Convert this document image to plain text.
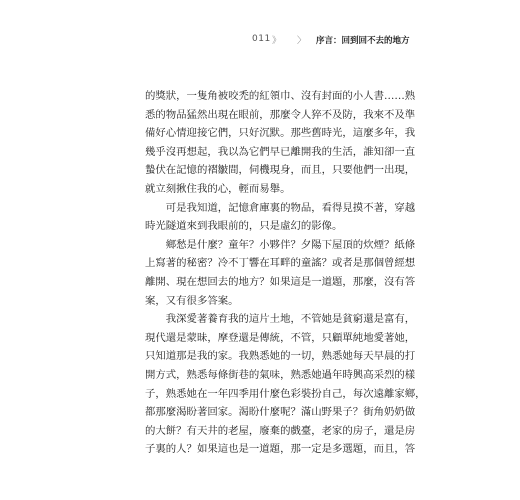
011 》 〉 序言：回到回不去的地方
的獎狀，一隻角被咬禿的紅領巾、沒有封面的小人書……熟
悉的物品猛然出現在眼前，那麼令人猝不及防，我來不及準
備好心情迎接它們，只好沉默。那些舊時光，這麼多年，我
幾乎沒再想起，我以為它們早已離開我的生活，誰知卻一直
蟄伏在記憶的褶皺間，伺機現身，而且，只要他們一出現，
就立刻揪住我的心，輕而易舉。
　　可是我知道，記憶倉庫裏的物品，看得見摸不著，穿越
時光隧道來到我眼前的，只是虛幻的影像。
　　鄉愁是什麼？童年？小夥伴？夕陽下屋頂的炊煙？紙條
上寫著的秘密？冷不丁響在耳畔的童謠？或者是那個曾經想
離開、現在想回去的地方？如果這是一道題，那麼，沒有答
案，又有很多答案。
　　我深愛著養育我的這片土地，不管她是貧窮還是富有，
現代還是蒙昧，摩登還是傳統，不管，只顧單純地愛著她，
只知道那是我的家。我熟悉她的一切，熟悉她每天早晨的打
開方式，熟悉每條街巷的氣味，熟悉她過年時興高采烈的樣
子，熟悉她在一年四季用什麼色彩裝扮自己，每次遠離家鄉，
都那麼渴盼著回家。渴盼什麼呢？滿山野果子？街角奶奶做
的大餅？有天井的老屋，廢棄的戲臺，老家的房子，還是房
子裏的人？如果這也是一道題，那一定是多選題，而且，答
